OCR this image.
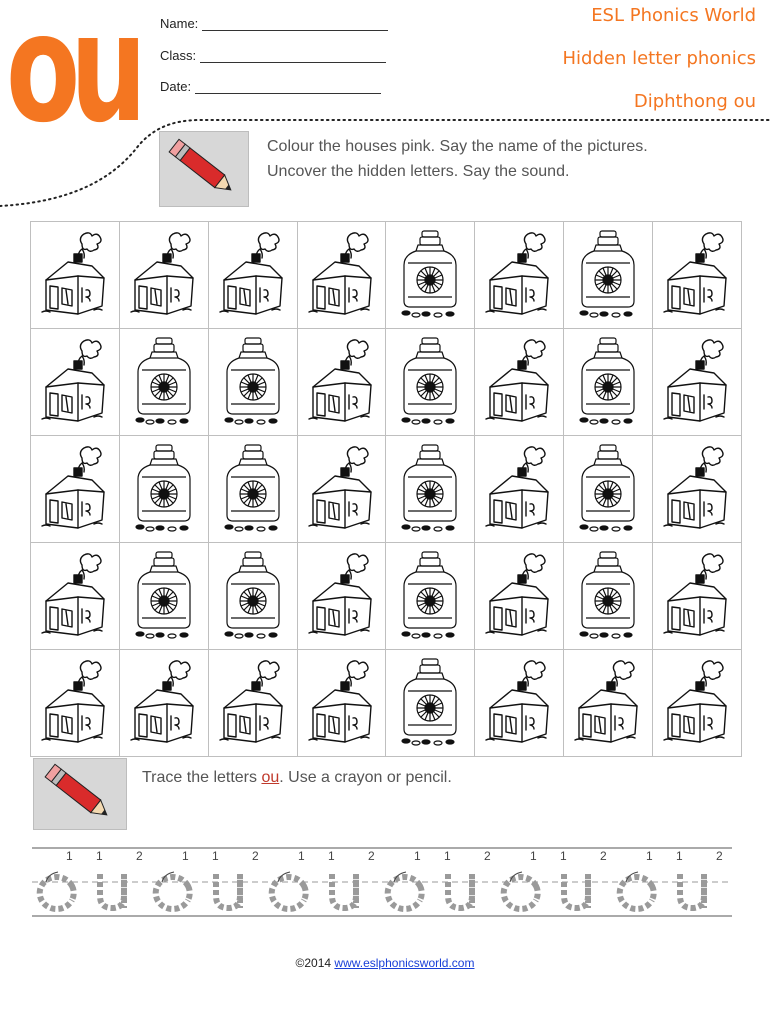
ou Name:
Class:
Date:
ESL Phonics World
Hidden letter phonics
Diphthong ou
Colour the houses pink. Say the name of the pictures.
Uncover the hidden letters. Say the sound.

Trace the letters ou. Use a crayon or pencil.
1 1	2	1 1	2	1 1	2	1 1	2	1 1	2	1 1	2
©2014 www.eslphonicsworld.com
